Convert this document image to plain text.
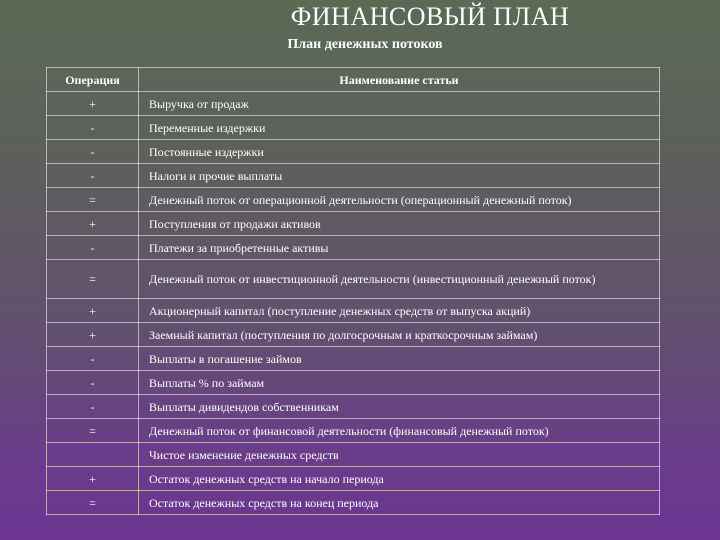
ФИНАНСОВЫЙ ПЛАН
План денежных потоков
Операция	Наименование статьи
+	Выручка от продаж
-	Переменные издержки
-	Постоянные издержки
-	Налоги и прочие выплаты
=	Денежный поток от операционной деятельности (операционный денежный поток)
+	Поступления от продажи активов
-	Платежи за приобретенные активы
=	Денежный поток от инвестиционной деятельности (инвестиционный денежный поток)
+	Акционерный капитал (поступление денежных средств от выпуска акций)
+	Заемный капитал (поступления по долгосрочным и краткосрочным займам)
-	Выплаты в погашение займов
-	Выплаты % по займам
-	Выплаты дивидендов собственникам
=	Денежный поток от финансовой деятельности (финансовый денежный поток)
	Чистое изменение денежных средств
+	Остаток денежных средств на начало периода
=	Остаток денежных средств на конец периода
